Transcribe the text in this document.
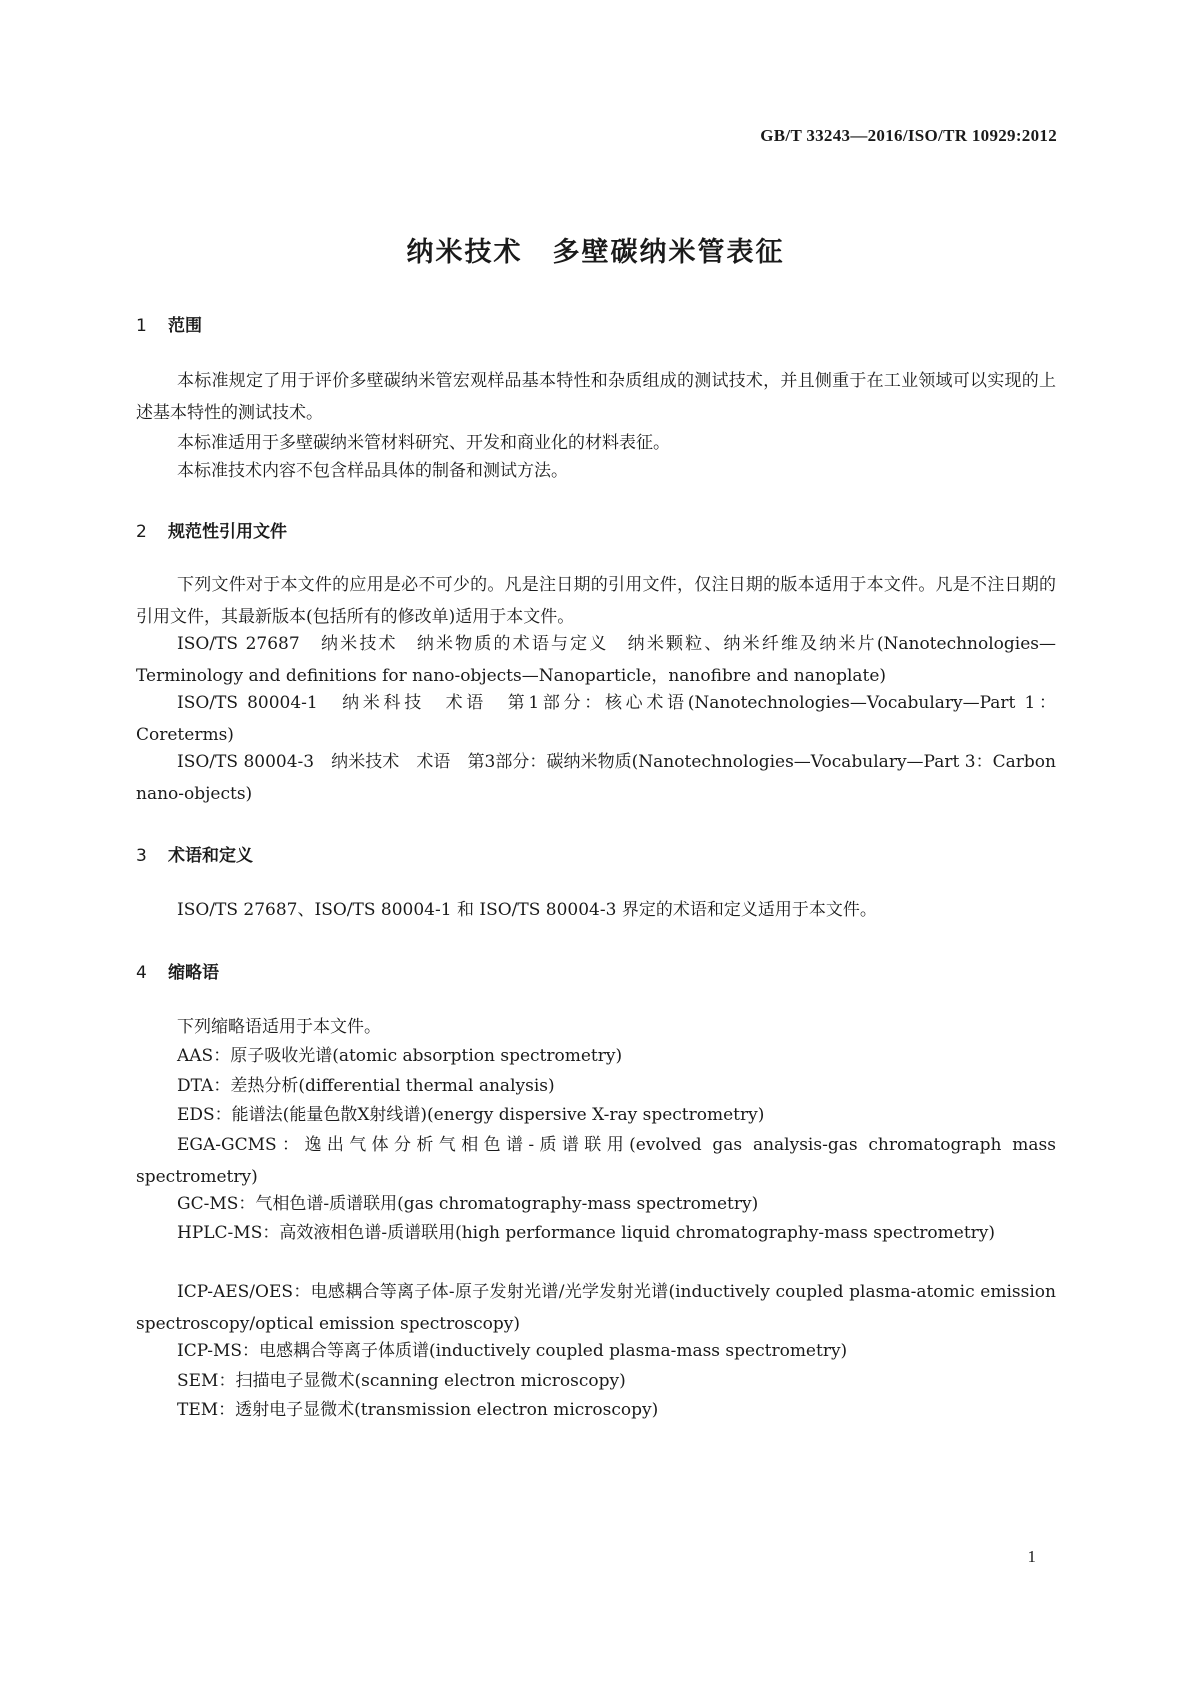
GB/T 33243—2016/ISO/TR 10929:2012
纳米技术 多壁碳纳米管表征
1 范围
本标准规定了用于评价多壁碳纳米管宏观样品基本特性和杂质组成的测试技术，并且侧重于在工业领域可以实现的上述基本特性的测试技术。
本标准适用于多壁碳纳米管材料研究、开发和商业化的材料表征。
本标准技术内容不包含样品具体的制备和测试方法。
2 规范性引用文件
下列文件对于本文件的应用是必不可少的。凡是注日期的引用文件，仅注日期的版本适用于本文件。凡是不注日期的引用文件，其最新版本(包括所有的修改单)适用于本文件。
ISO/TS 27687　纳米技术　纳米物质的术语与定义　纳米颗粒、纳米纤维及纳米片(Nanotechnologies—Terminology and definitions for nano-objects—Nanoparticle，nanofibre and nanoplate)
ISO/TS 80004-1　纳米科技　术语　第1部分：核心术语(Nanotechnologies—Vocabulary—Part 1：Coreterms)
ISO/TS 80004-3　纳米技术　术语　第3部分：碳纳米物质(Nanotechnologies—Vocabulary—Part 3：Carbon nano-objects)
3 术语和定义
ISO/TS 27687、ISO/TS 80004-1 和 ISO/TS 80004-3 界定的术语和定义适用于本文件。
4 缩略语
下列缩略语适用于本文件。
AAS：原子吸收光谱(atomic absorption spectrometry)
DTA：差热分析(differential thermal analysis)
EDS：能谱法(能量色散X射线谱)(energy dispersive X-ray spectrometry)
EGA-GCMS：逸出气体分析气相色谱-质谱联用(evolved gas analysis-gas chromatograph mass spectrometry)
GC-MS：气相色谱-质谱联用(gas chromatography-mass spectrometry)
HPLC-MS：高效液相色谱-质谱联用(high performance liquid chromatography-mass spectrometry)
ICP-AES/OES：电感耦合等离子体-原子发射光谱/光学发射光谱(inductively coupled plasma-atomic emission spectroscopy/optical emission spectroscopy)
ICP-MS：电感耦合等离子体质谱(inductively coupled plasma-mass spectrometry)
SEM：扫描电子显微术(scanning electron microscopy)
TEM：透射电子显微术(transmission electron microscopy)
1
